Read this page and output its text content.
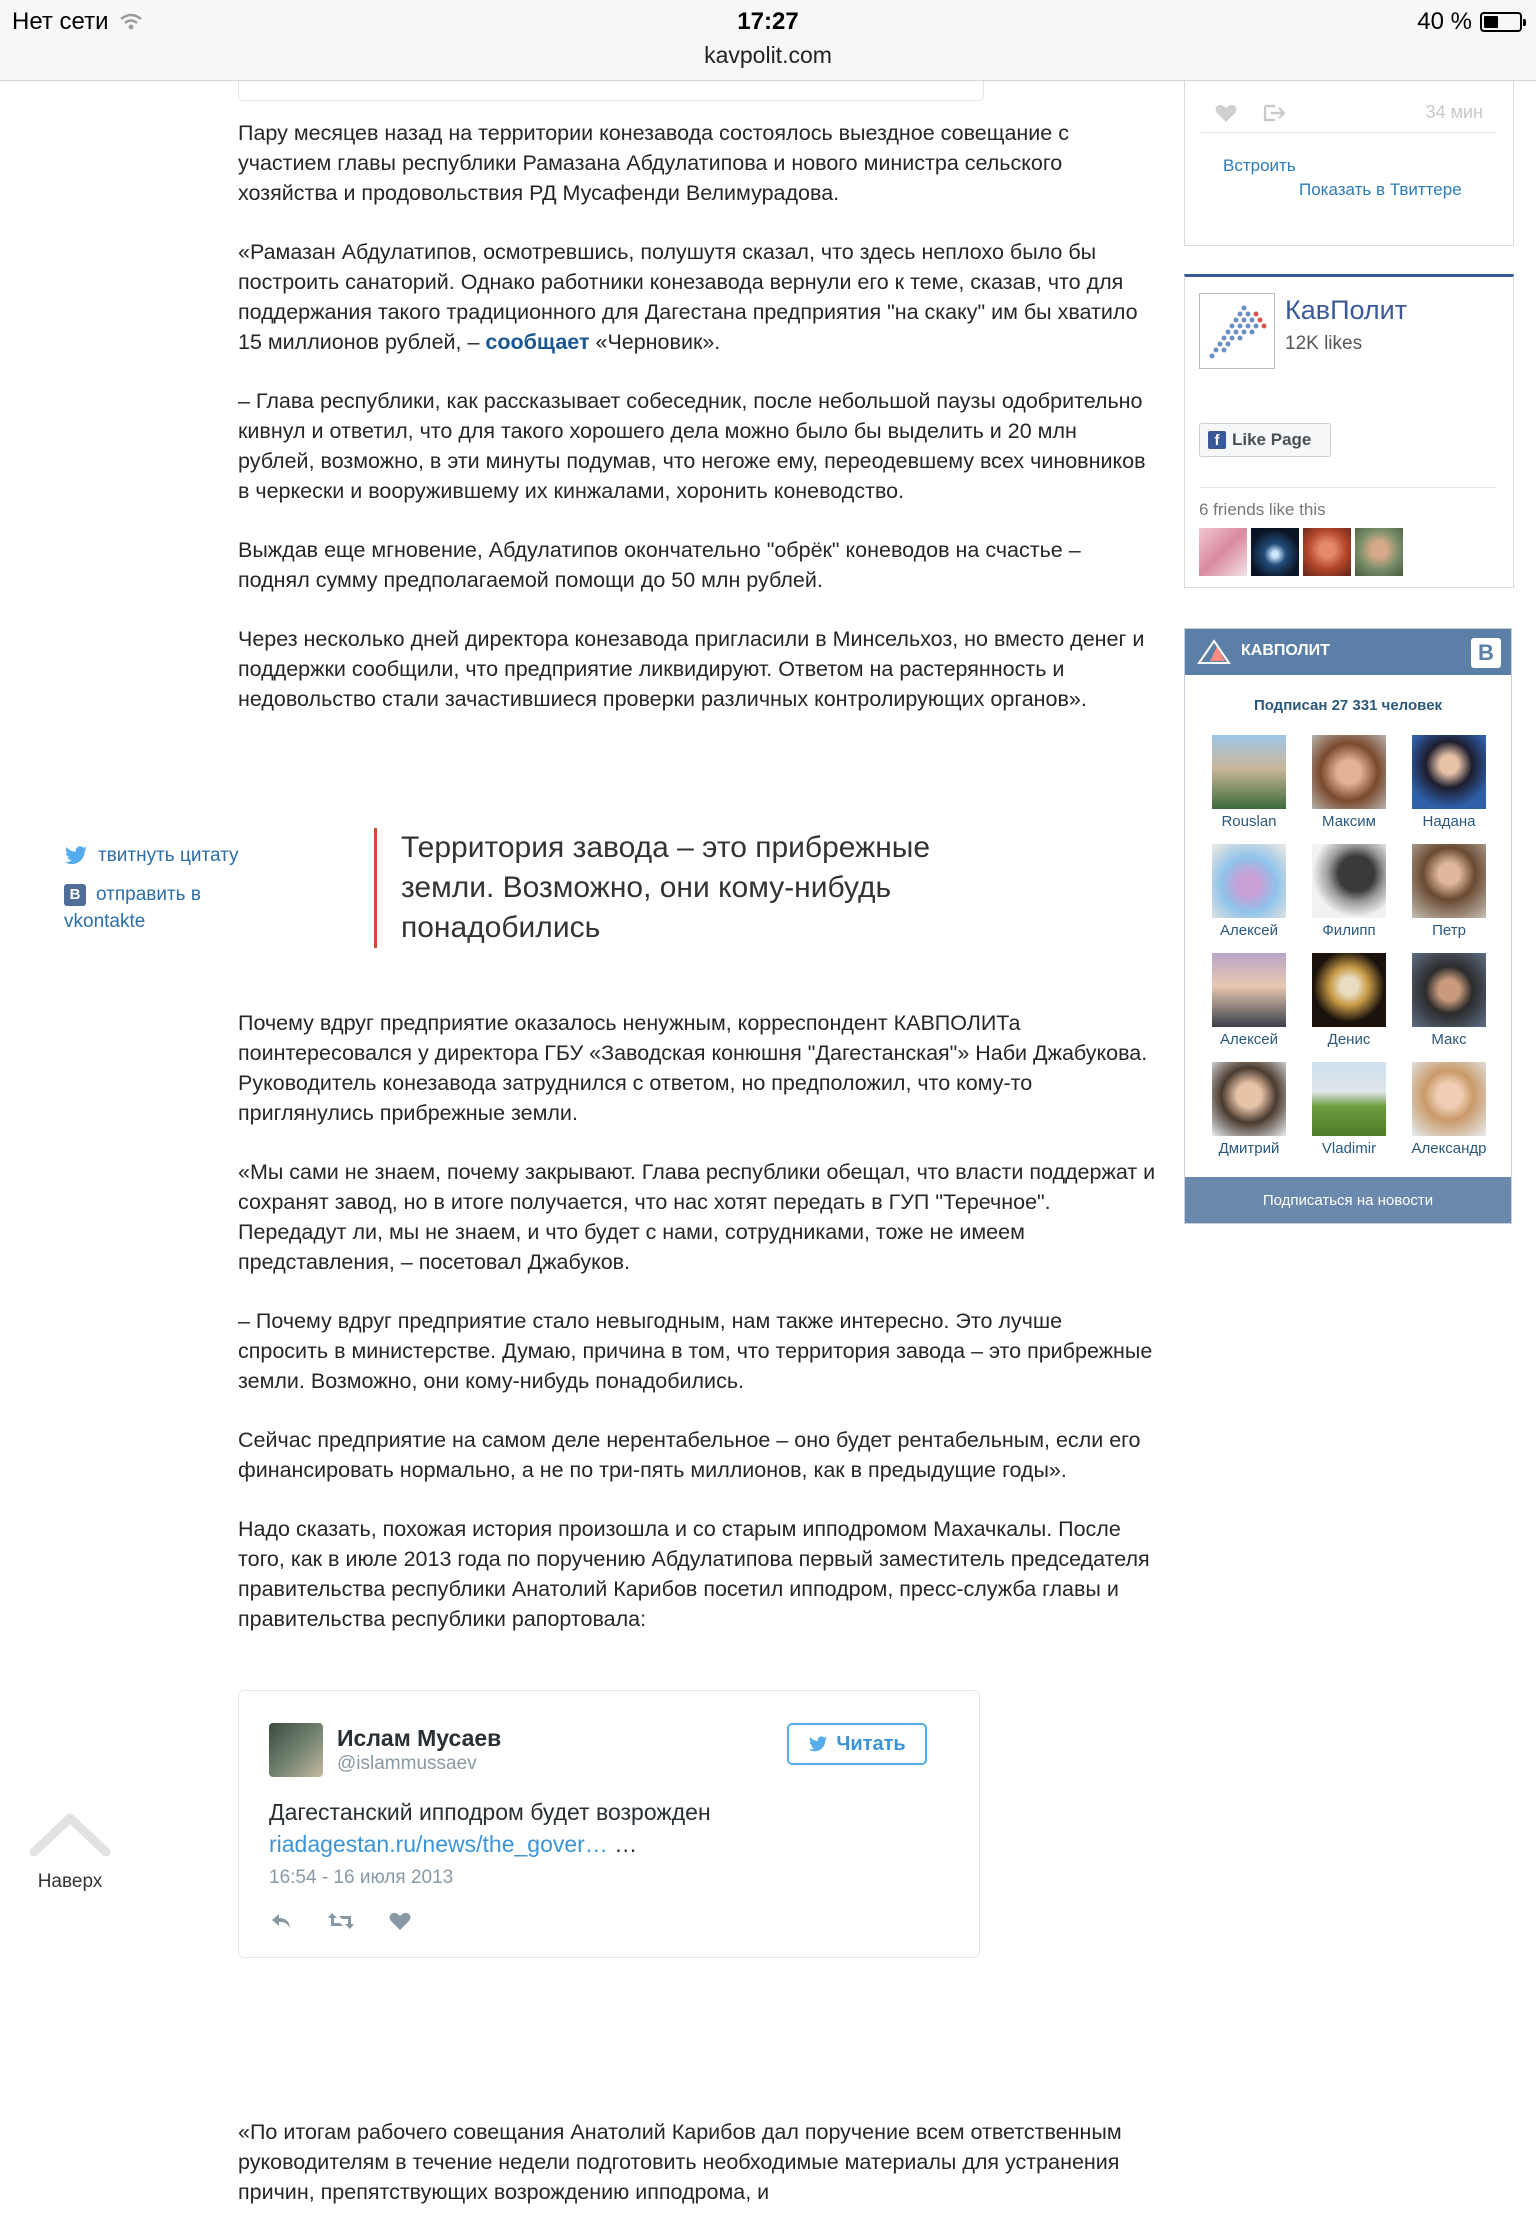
Нет сети	17:27
kavpolit.com
40 %

Пару месяцев назад на территории конезавода состоялось выездное совещание с участием главы республики Рамазана Абдулатипова и нового министра сельского хозяйства и продовольствия РД Мусафенди Велимурадова.

«Рамазан Абдулатипов, осмотревшись, полушутя сказал, что здесь неплохо было бы построить санаторий. Однако работники конезавода вернули его к теме, сказав, что для поддержания такого традиционного для Дагестана предприятия "на скаку" им бы хватило 15 миллионов рублей, – сообщает «Черновик».

– Глава республики, как рассказывает собеседник, после небольшой паузы одобрительно кивнул и ответил, что для такого хорошего дела можно было бы выделить и 20 млн рублей, возможно, в эти минуты подумав, что негоже ему, переодевшему всех чиновников в черкески и вооружившему их кинжалами, хоронить коневодство.

Выждав еще мгновение, Абдулатипов окончательно "обрёк" коневодов на счастье – поднял сумму предполагаемой помощи до 50 млн рублей.

Через несколько дней директора конезавода пригласили в Минсельхоз, но вместо денег и поддержки сообщили, что предприятие ликвидируют. Ответом на растерянность и недовольство стали зачастившиеся проверки различных контролирующих органов».

твитнуть цитату
В отправить в
vkontakte
Территория завода – это прибрежные земли. Возможно, они кому-нибудь понадобились

Почему вдруг предприятие оказалось ненужным, корреспондент КАВПОЛИТа поинтересовался у директора ГБУ «Заводская конюшня "Дагестанская"» Наби Джабукова. Руководитель конезавода затруднился с ответом, но предположил, что кому-то приглянулись прибрежные земли.

«Мы сами не знаем, почему закрывают. Глава республики обещал, что власти поддержат и сохранят завод, но в итоге получается, что нас хотят передать в ГУП "Теречное". Передадут ли, мы не знаем, и что будет с нами, сотрудниками, тоже не имеем представления, – посетовал Джабуков.

– Почему вдруг предприятие стало невыгодным, нам также интересно. Это лучше спросить в министерстве. Думаю, причина в том, что территория завода – это прибрежные земли. Возможно, они кому-нибудь понадобились.

Сейчас предприятие на самом деле нерентабельное – оно будет рентабельным, если его финансировать нормально, а не по три-пять миллионов, как в предыдущие годы».

Надо сказать, похожая история произошла и со старым ипподромом Махачкалы. После того, как в июле 2013 года по поручению Абдулатипова первый заместитель председателя правительства республики Анатолий Карибов посетил ипподром, пресс-служба главы и правительства республики рапортовала:

«По итогам рабочего совещания Анатолий Карибов дал поручение всем ответственным руководителям в течение недели подготовить необходимые материалы для устранения причин, препятствующих возрождению ипподрома, и

Ислам Мусаев
@islammussaev
Читать
Дагестанский ипподром будет возрожден
riadagestan.ru/news/the_gover… …
16:54 - 16 июля 2013
Наверх
34 мин
Встроить
Показать в Твиттере
КавПолит
12K likes
f Like Page
6 friends like this
КАВПОЛИТ	В
Подписан 27 331 человек
Rouslan	Максим	Надана
Алексей	Филипп	Петр
Алексей	Денис	Макс
Дмитрий	Vladimir Александр
Подписаться на новости
